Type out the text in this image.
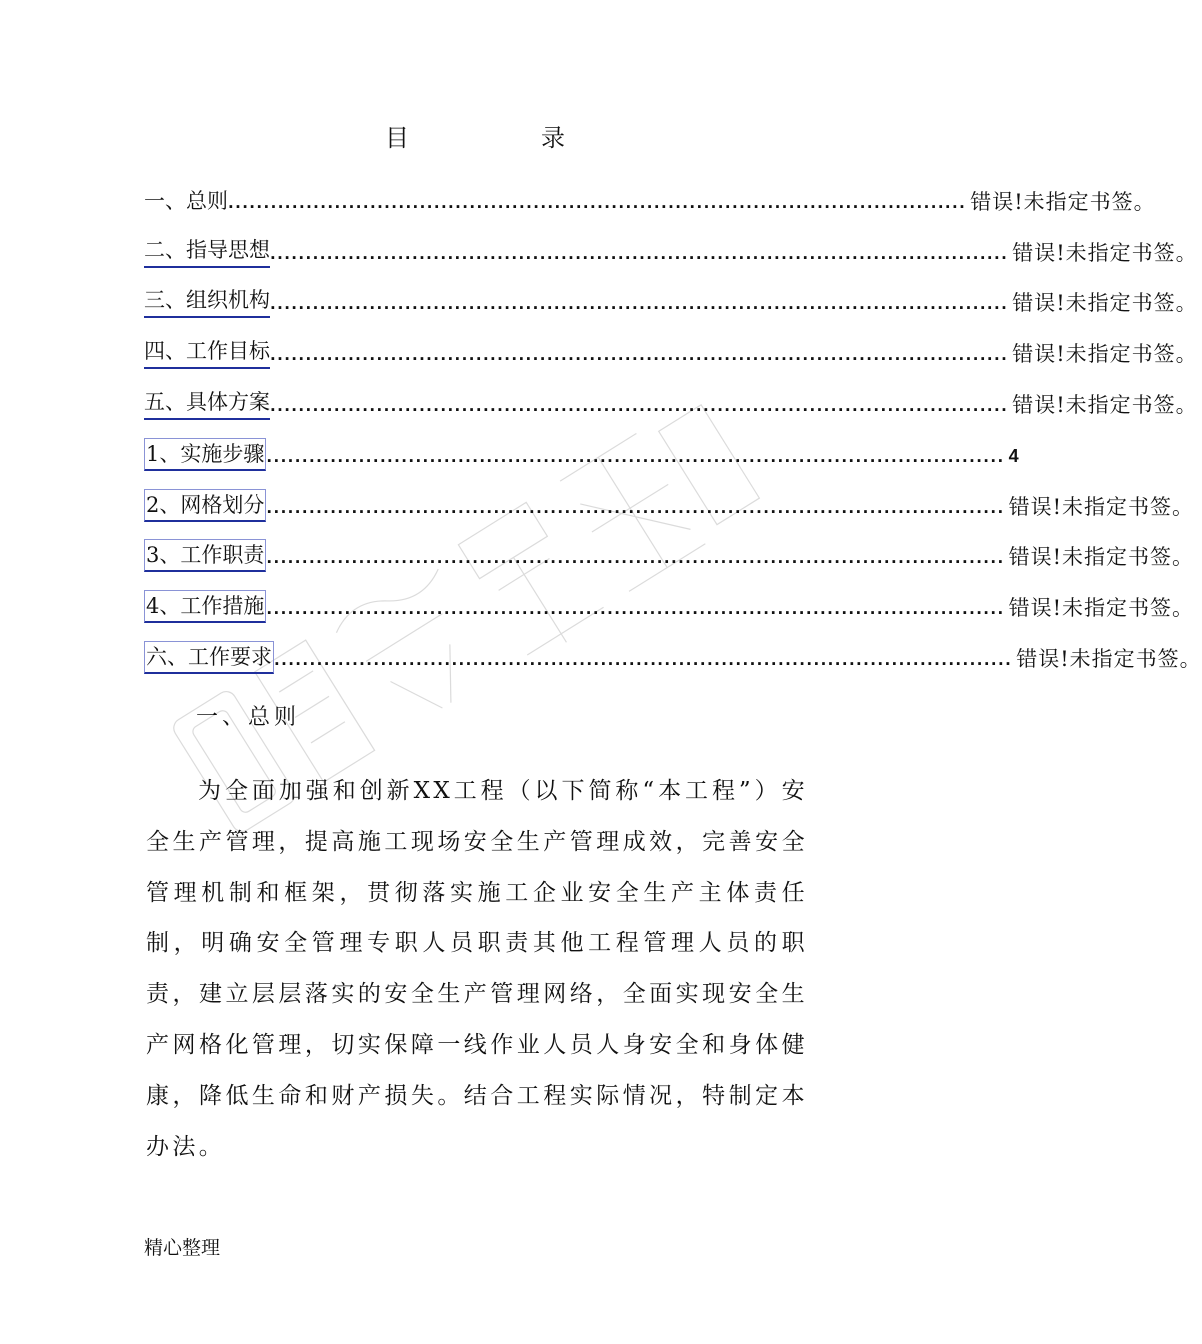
目　录
一、总则 ........................................................................................................ 错误!未指定书签。
二、指导思想 ........................................................................................................ 错误!未指定书签。
三、组织机构 ........................................................................................................ 错误!未指定书签。
四、工作目标 ........................................................................................................ 错误!未指定书签。
五、具体方案 ........................................................................................................ 错误!未指定书签。
1、实施步骤 ........................................................................................................ 4
2、网格划分 ........................................................................................................ 错误!未指定书签。
3、工作职责 ........................................................................................................ 错误!未指定书签。
4、工作措施 ........................................................................................................ 错误!未指定书签。
六、工作要求 ........................................................................................................ 错误!未指定书签。
一、总则
为全面加强和创新XX工程（以下简称“本工程”）安全生产管理，提高施工现场安全生产管理成效，完善安全管理机制和框架，贯彻落实施工企业安全生产主体责任制，明确安全管理专职人员职责其他工程管理人员的职责，建立层层落实的安全生产管理网络，全面实现安全生产网格化管理，切实保障一线作业人员人身安全和身体健康，降低生命和财产损失。结合工程实际情况，特制定本办法。
精心整理
